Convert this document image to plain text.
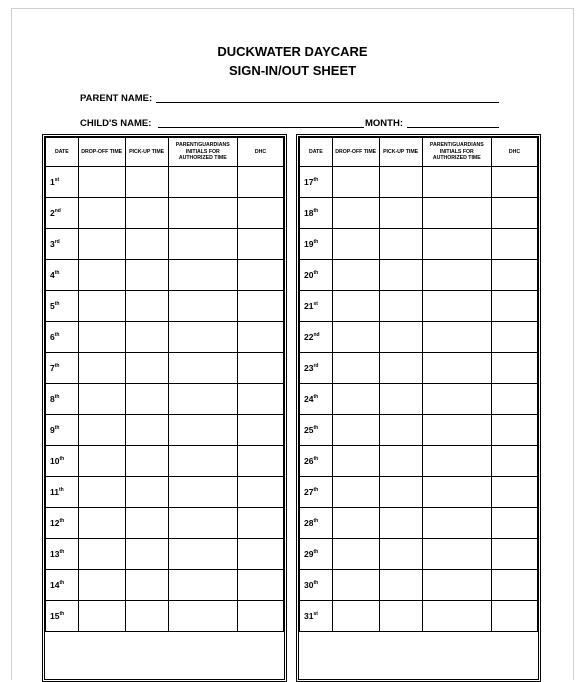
DUCKWATER DAYCARE
SIGN-IN/OUT SHEET
PARENT NAME:
CHILD'S NAME:	MONTH:
DATE	DROP-OFF TIME	PICK-UP TIME	PARENT/GUARDIANS INITIALS FOR AUTHORIZED TIME	DHC
1st				
2nd				
3rd				
4th				
5th				
6th				
7th				
8th				
9th				
10th				
11th				
12th				
13th				
14th				
15th				
DATE	DROP-OFF TIME	PICK-UP TIME	PARENT/GUARDIANS INITIALS FOR AUTHORIZED TIME	DHC
17th				
18th				
19th				
20th				
21st				
22nd				
23rd				
24th				
25th				
26th				
27th				
28th				
29th				
30th				
31st				
